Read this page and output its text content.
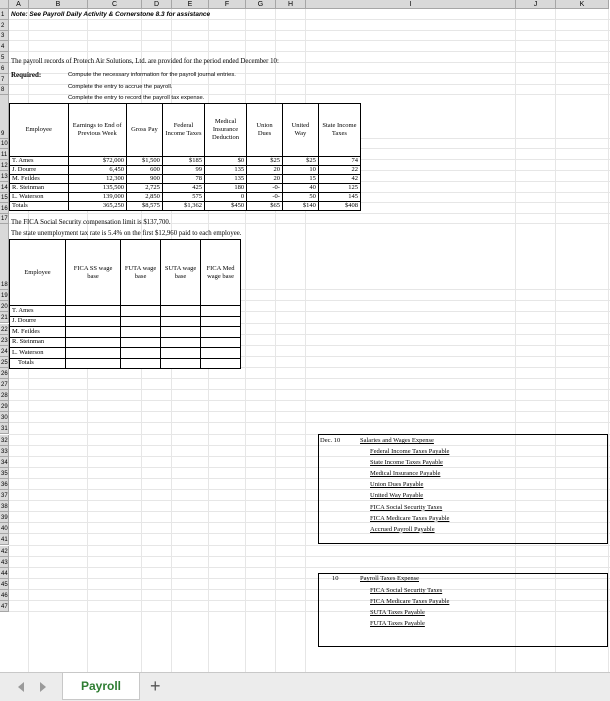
A	B	C	D	E	F	G	H	I	J	K
1
2
3
4
5
6
7
8
9
10
11
12
13
14
15
16
17
18
19
20
21
22
23
24
25
26
27
28
29
30
31
32
33
34
35
36
37
38
39
40
41
42
43
44
45
46
47
Note: See Payroll Daily Activity & Cornerstone 8.3 for assistance
The payroll records of Protech Air Solutions, Ltd. are provided for the period ended December 10:
Required:	Compute the necessary information for the payroll journal entries.
Complete the entry to accrue the payroll.
Complete the entry to record the payroll tax expense.
Employee	Earnings to End of Previous Week	Gross Pay	Federal Income Taxes	Medical Insurance Deduction	Union Dues	United Way	State Income Taxes
T. Ames	$72,000	$1,500	$185	$0	$25	$25	74
J. Dourre	6,450	600	99	135	20	10	22
M. Feildes	12,300	900	78	135	20	15	42
R. Steinman	135,500	2,725	425	180	-0-	40	125
L. Waterson	139,000	2,850	575	0	-0-	50	145
Totals	365,250	$8,575	$1,362	$450	$65	$140	$408
The FICA Social Security compensation limit is $137,700.
The state unemployment tax rate is 5.4% on the first $12,960 paid to each employee.
Employee	FICA SS wage base	FUTA wage base	SUTA wage base	FICA Med wage base
T. Ames				
J. Dourre				
M. Feildes				
R. Steinman				
L. Waterson				
Totals				
Dec. 10	Salaries and Wages Expense
Federal Income Taxes Payable
State Income Taxes Payable
Medical Insurance Payable
Union Dues Payable
United Way Payable
FICA Social Security Taxes
FICA Medicare Taxes Payable
Accrued Payroll Payable
10	Payroll Taxes Expense
FICA Social Security Taxes
FICA Medicare Taxes Payable
SUTA Taxes Payable
FUTA Taxes Payable
Payroll	+
